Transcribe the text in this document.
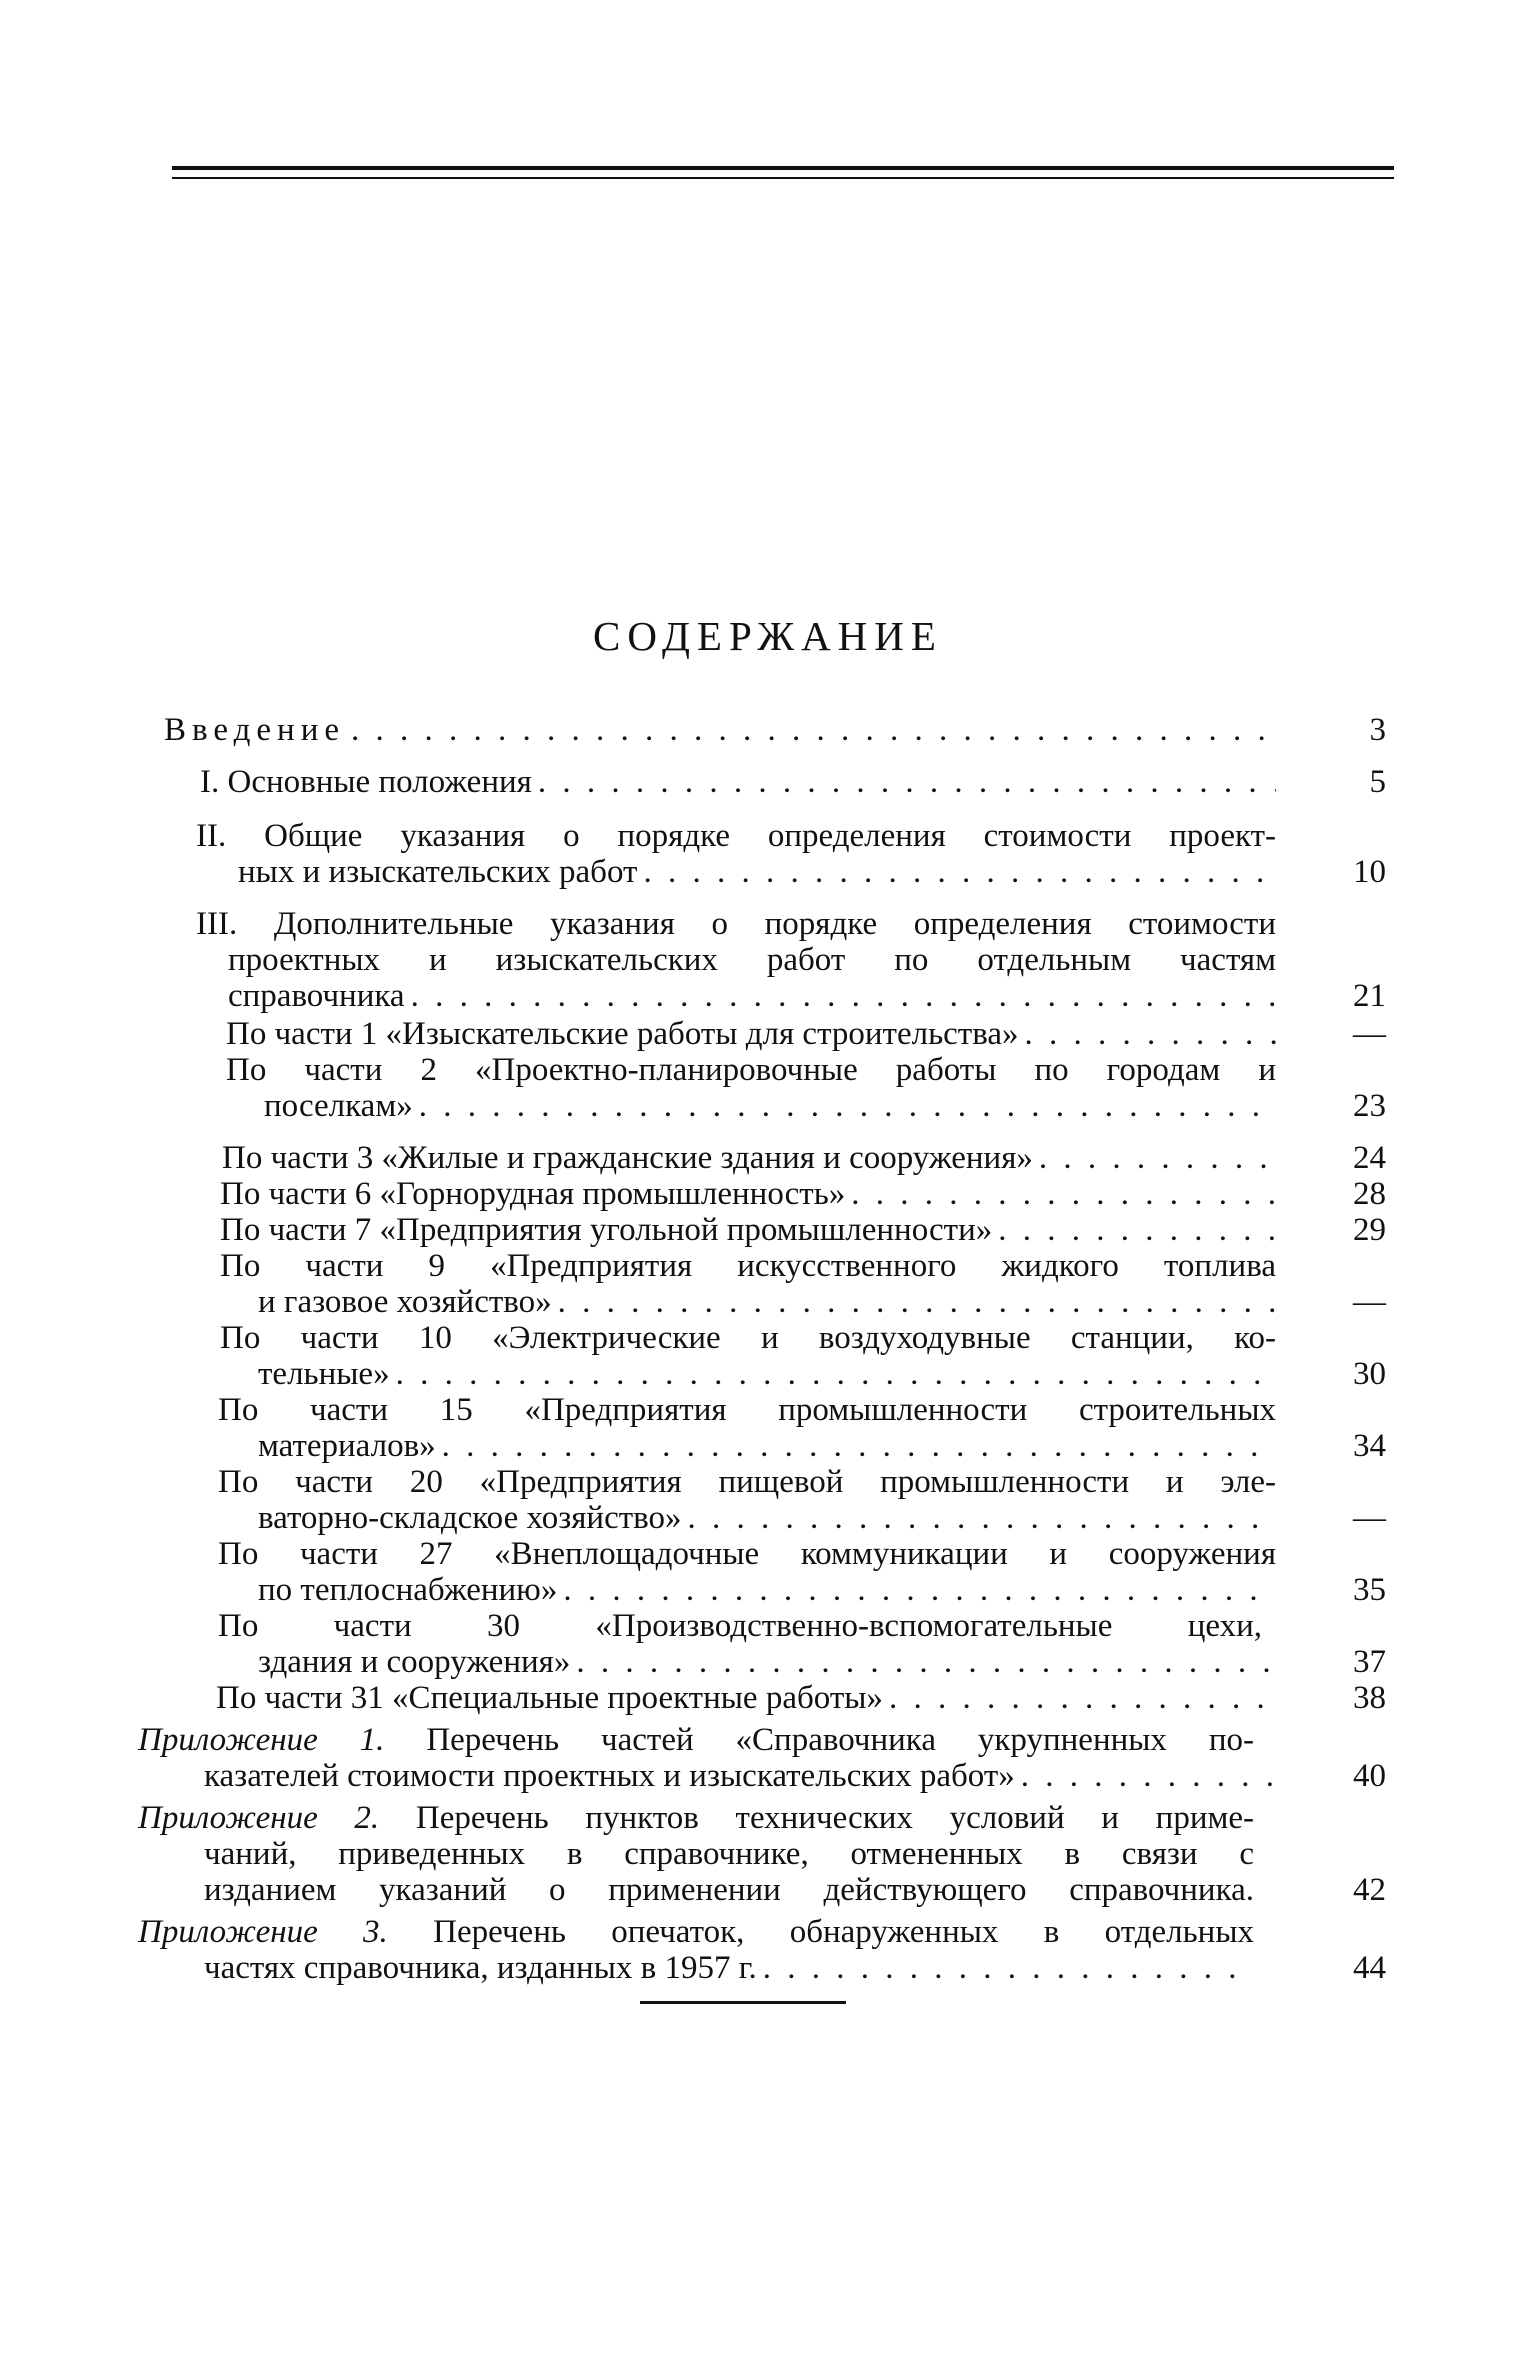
СОДЕРЖАНИЕ
Введение . . .	3
I. Основные положения . . .	5
II. Общие указания о порядке определения стоимости проект-
ных и изыскательских работ . . .	10
III. Дополнительные указания о порядке определения стоимости
проектных и изыскательских работ по отдельным частям
справочника . . .	21
По части 1 «Изыскательские работы для строительства» . . .	—
По части 2 «Проектно-планировочные работы по городам и
поселкам» . . .	23
По части 3 «Жилые и гражданские здания и сооружения» . . .	24
По части 6 «Горнорудная промышленность» . . .	28
По части 7 «Предприятия угольной промышленности» . . .	29
По части 9 «Предприятия искусственного жидкого топлива
и газовое хозяйство» . . .	—
По части 10 «Электрические и воздуходувные станции, ко-
тельные» . . .	30
По части 15 «Предприятия промышленности строительных
материалов» . . .	34
По части 20 «Предприятия пищевой промышленности и эле-
ваторно-складское хозяйство» . . .	—
По части 27 «Внеплощадочные коммуникации и сооружения
по теплоснабжению» . . .	35
По части 30 «Производственно-вспомогательные цехи,
здания и сооружения» . . .	37
По части 31 «Специальные проектные работы» . . .	38
Приложение 1. Перечень частей «Справочника укрупненных по-
казателей стоимости проектных и изыскательских работ» . . .	40
Приложение 2. Перечень пунктов технических условий и приме-
чаний, приведенных в справочнике, отмененных в связи с
изданием указаний о применении действующего справочника.	42
Приложение 3. Перечень опечаток, обнаруженных в отдельных
частях справочника, изданных в 1957 г. . . .	44
